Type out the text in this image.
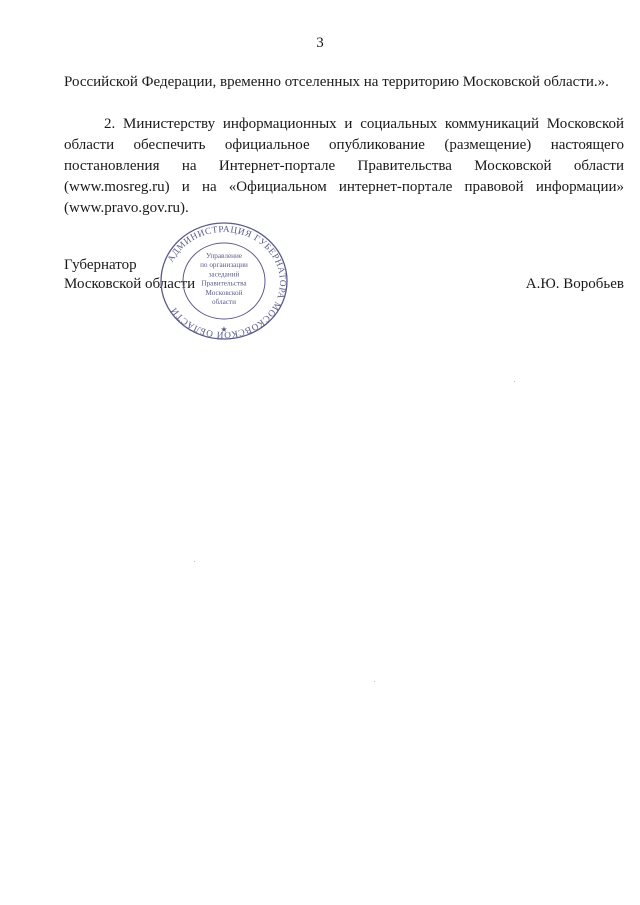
3
Российской Федерации, временно отселенных на территорию Московской области.».
2. Министерству информационных и социальных коммуникаций Московской области обеспечить официальное опубликование (размещение) настоящего постановления на Интернет-портале Правительства Московской области (www.mosreg.ru) и на «Официальном интернет-портале правовой информации» (www.pravo.gov.ru).
Губернатор
Московской области	А.Ю. Воробьев
АДМИНИСТРАЦИЯ ГУБЕРНАТОРА МОСКОВСКОЙ ОБЛАСТИ
★
Управление
по организации
заседаний
Правительства
Московской
области
